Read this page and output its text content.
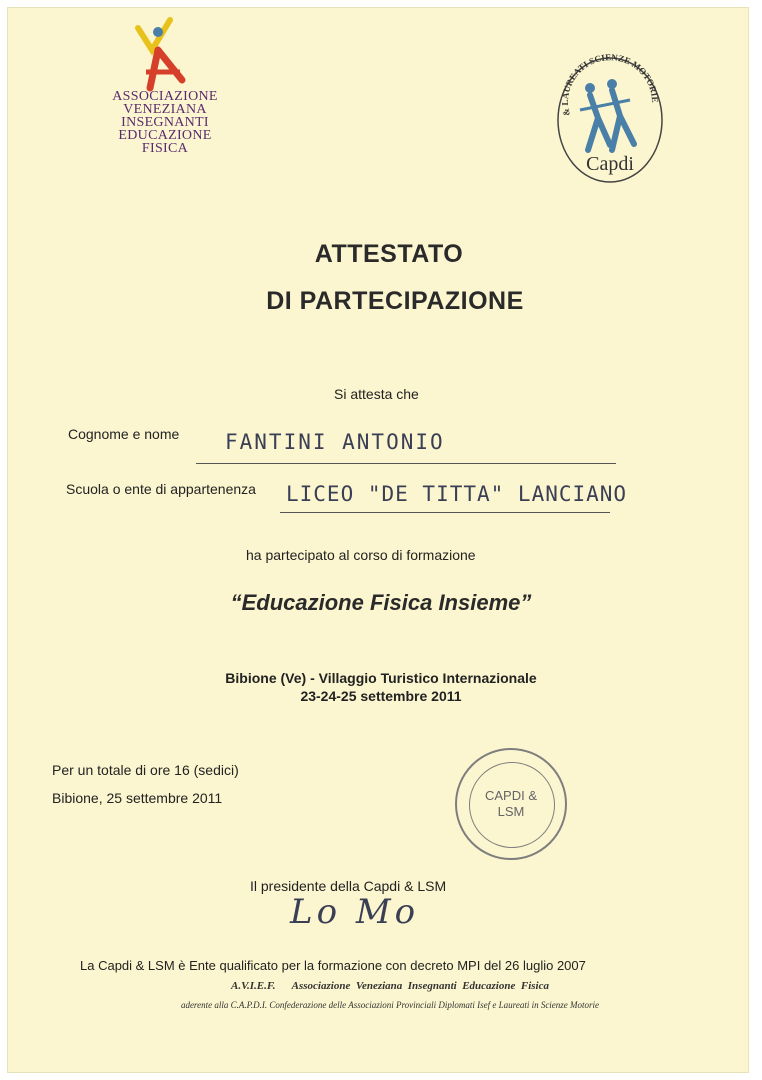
ASSOCIAZIONE
VENEZIANA
INSEGNANTI
EDUCAZIONE
FISICA
& LAUREATI SCIENZE MOTORIE
Capdi
ATTESTATO
DI PARTECIPAZIONE
Si attesta che
Cognome e nome FANTINI ANTONIO
Scuola o ente di appartenenza LICEO "DE TITTA" LANCIANO
ha partecipato al corso di formazione
“Educazione Fisica Insieme”
Bibione (Ve) - Villaggio Turistico Internazionale
23-24-25 settembre 2011
Per un totale di ore 16 (sedici)
Bibione, 25 settembre 2011	CAPDI &
LSM
Il presidente della Capdi & LSM
Lo Mo
La Capdi & LSM è Ente qualificato per la formazione con decreto MPI del 26 luglio 2007
A.V.I.E.F.      Associazione  Veneziana  Insegnanti  Educazione  Fisica
aderente alla C.A.P.D.I. Confederazione delle Associazioni Provinciali Diplomati Isef e Laureati in Scienze Motorie
